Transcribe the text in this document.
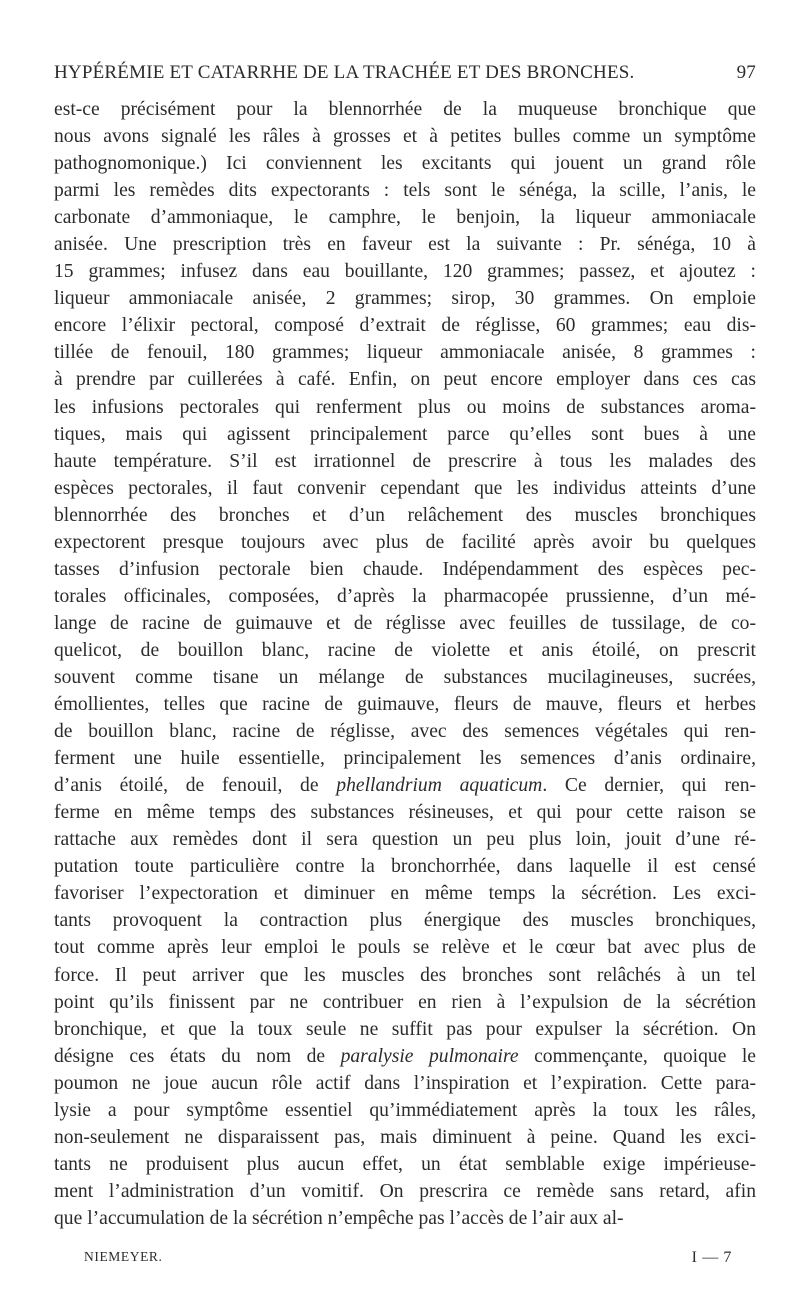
HYPÉRÉMIE ET CATARRHE DE LA TRACHÉE ET DES BRONCHES.	97
est-ce précisément pour la blennorrhée de la muqueuse bronchique que
nous avons signalé les râles à grosses et à petites bulles comme un symptôme
pathognomonique.) Ici conviennent les excitants qui jouent un grand rôle
parmi les remèdes dits expectorants : tels sont le sénéga, la scille, l’anis, le
carbonate d’ammoniaque, le camphre, le benjoin, la liqueur ammoniacale
anisée. Une prescription très en faveur est la suivante : Pr. sénéga, 10 à
15 grammes; infusez dans eau bouillante, 120 grammes; passez, et ajoutez :
liqueur ammoniacale anisée, 2 grammes; sirop, 30 grammes. On emploie
encore l’élixir pectoral, composé d’extrait de réglisse, 60 grammes; eau dis-
tillée de fenouil, 180 grammes; liqueur ammoniacale anisée, 8 grammes :
à prendre par cuillerées à café. Enfin, on peut encore employer dans ces cas
les infusions pectorales qui renferment plus ou moins de substances aroma-
tiques, mais qui agissent principalement parce qu’elles sont bues à une
haute température. S’il est irrationnel de prescrire à tous les malades des
espèces pectorales, il faut convenir cependant que les individus atteints d’une
blennorrhée des bronches et d’un relâchement des muscles bronchiques
expectorent presque toujours avec plus de facilité après avoir bu quelques
tasses d’infusion pectorale bien chaude. Indépendamment des espèces pec-
torales officinales, composées, d’après la pharmacopée prussienne, d’un mé-
lange de racine de guimauve et de réglisse avec feuilles de tussilage, de co-
quelicot, de bouillon blanc, racine de violette et anis étoilé, on prescrit
souvent comme tisane un mélange de substances mucilagineuses, sucrées,
émollientes, telles que racine de guimauve, fleurs de mauve, fleurs et herbes
de bouillon blanc, racine de réglisse, avec des semences végétales qui ren-
ferment une huile essentielle, principalement les semences d’anis ordinaire,
d’anis étoilé, de fenouil, de phellandrium aquaticum. Ce dernier, qui ren-
ferme en même temps des substances résineuses, et qui pour cette raison se
rattache aux remèdes dont il sera question un peu plus loin, jouit d’une ré-
putation toute particulière contre la bronchorrhée, dans laquelle il est censé
favoriser l’expectoration et diminuer en même temps la sécrétion. Les exci-
tants provoquent la contraction plus énergique des muscles bronchiques,
tout comme après leur emploi le pouls se relève et le cœur bat avec plus de
force. Il peut arriver que les muscles des bronches sont relâchés à un tel
point qu’ils finissent par ne contribuer en rien à l’expulsion de la sécrétion
bronchique, et que la toux seule ne suffit pas pour expulser la sécrétion. On
désigne ces états du nom de paralysie pulmonaire commençante, quoique le
poumon ne joue aucun rôle actif dans l’inspiration et l’expiration. Cette para-
lysie a pour symptôme essentiel qu’immédiatement après la toux les râles,
non-seulement ne disparaissent pas, mais diminuent à peine. Quand les exci-
tants ne produisent plus aucun effet, un état semblable exige impérieuse-
ment l’administration d’un vomitif. On prescrira ce remède sans retard, afin
que l’accumulation de la sécrétion n’empêche pas l’accès de l’air aux al-
NIEMEYER.	I — 7
